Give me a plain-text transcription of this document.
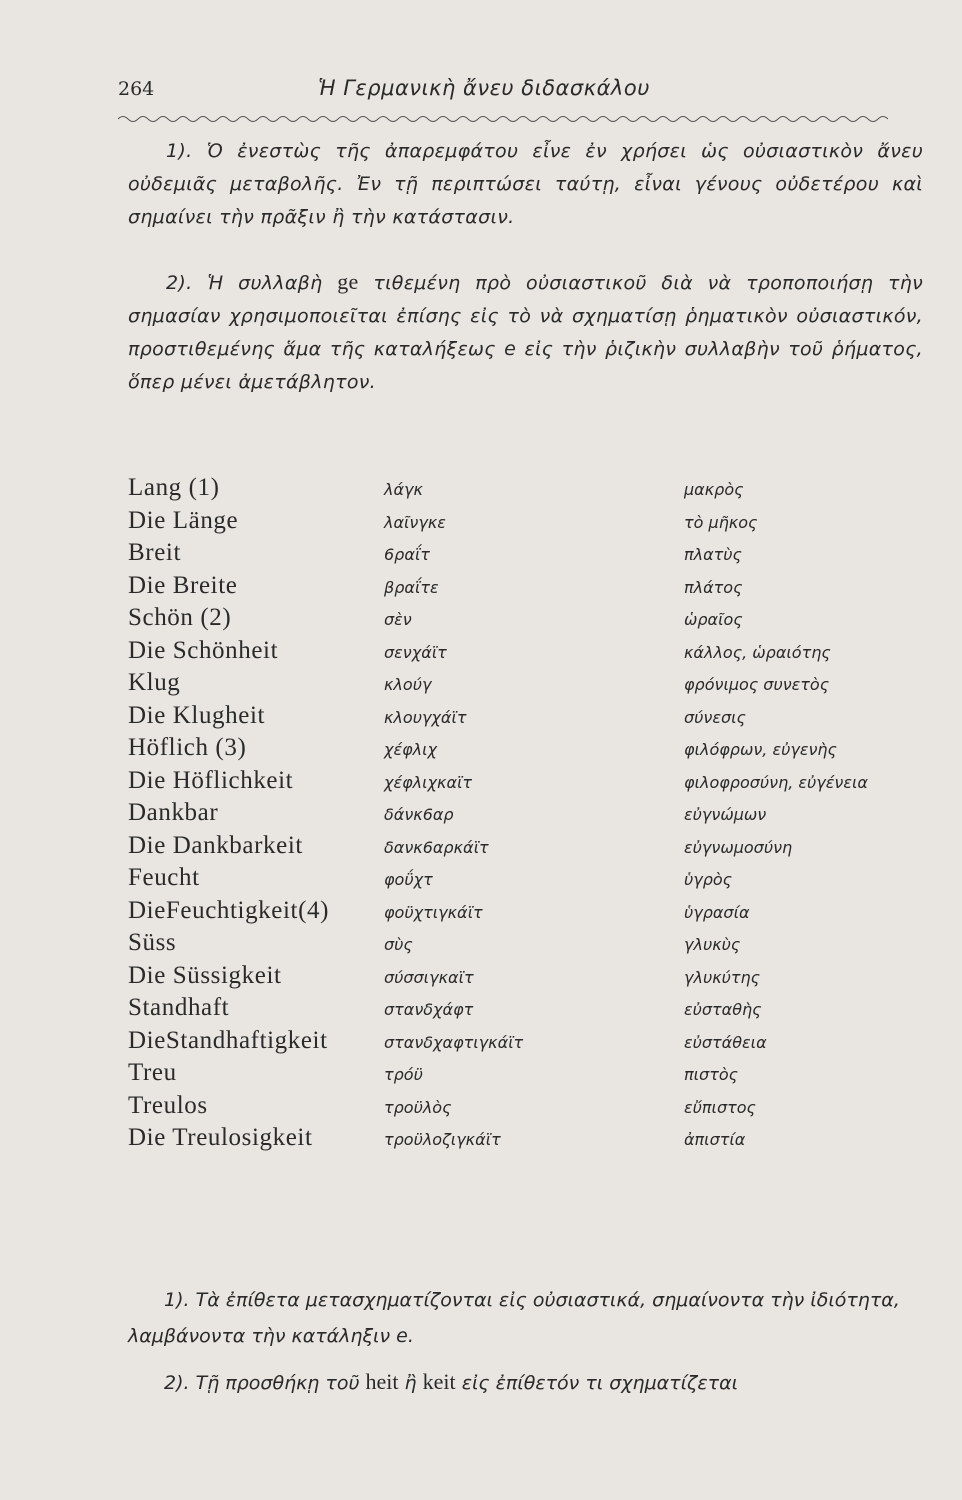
264	Ἡ Γερμανικὴ ἄνευ διδασκάλου
1). Ὁ ἐνεστὼς τῆς ἀπαρεμφάτου εἶνε ἐν χρήσει ὡς οὐσιαστικὸν ἄνευ οὐδεμιᾶς μεταβολῆς. Ἐν τῇ περιπτώσει ταύτῃ, εἶναι γένους οὐδετέρου καὶ σημαίνει τὴν πρᾶξιν ἢ τὴν κατάστασιν.
2). Ἡ συλλαβὴ ge τιθεμένη πρὸ οὐσιαστικοῦ διὰ νὰ τροποποιήσῃ τὴν σημασίαν χρησιμοποιεῖται ἐπίσης εἰς τὸ νὰ σχηματίσῃ ῥηματικὸν οὐσιαστικόν, προστιθεμένης ἅμα τῆς καταλήξεως e εἰς τὴν ῥιζικὴν συλλαβὴν τοῦ ῥήματος, ὅπερ μένει ἀμετάβλητον.
Lang (1)	λάγκ	μακρὸς
Die Länge	λαῖνγκε	τὸ μῆκος
Breit	6ραΐτ	πλατὺς
Die Breite	βραΐτε	πλάτος
Schön (2)	σὲν	ὡραῖος
Die Schönheit	σενχάϊτ	κάλλος, ὡραιότης
Klug	κλούγ	φρόνιμος συνετὸς
Die Klugheit	κλουγχάϊτ	σύνεσις
Höflich (3)	χέφλιχ	φιλόφρων, εὐγενὴς
Die Höflichkeit	χέφλιχκαϊτ	φιλοφροσύνη, εὐγένεια
Dankbar	δάνκ6αρ	εὐγνώμων
Die Dankbarkeit	δανκ6αρκάϊτ	εὐγνωμοσύνη
Feucht	φοΰχτ	ὑγρὸς
DieFeuchtigkeit(4)	φοϋχτιγκάϊτ	ὑγρασία
Süss	σὺς	γλυκὺς
Die Süssigkeit	σύσσιγκαϊτ	γλυκύτης
Standhaft	στανδχάφτ	εὐσταθὴς
DieStandhaftigkeit	στανδχαφτιγκάϊτ	εὐστάθεια
Treu	τρόϋ	πιστὸς
Treulos	τροϋλὸς	εὔπιστος
Die Treulosigkeit	τροϋλοζιγκάϊτ	ἀπιστία
1). Τὰ ἐπίθετα μετασχηματίζονται εἰς οὐσιαστικά, σημαίνοντα τὴν ἰδιότητα, λαμβάνοντα τὴν κατάληξιν e.
2). Τῇ προσθήκῃ τοῦ heit ἢ keit εἰς ἐπίθετόν τι σχηματίζεται
